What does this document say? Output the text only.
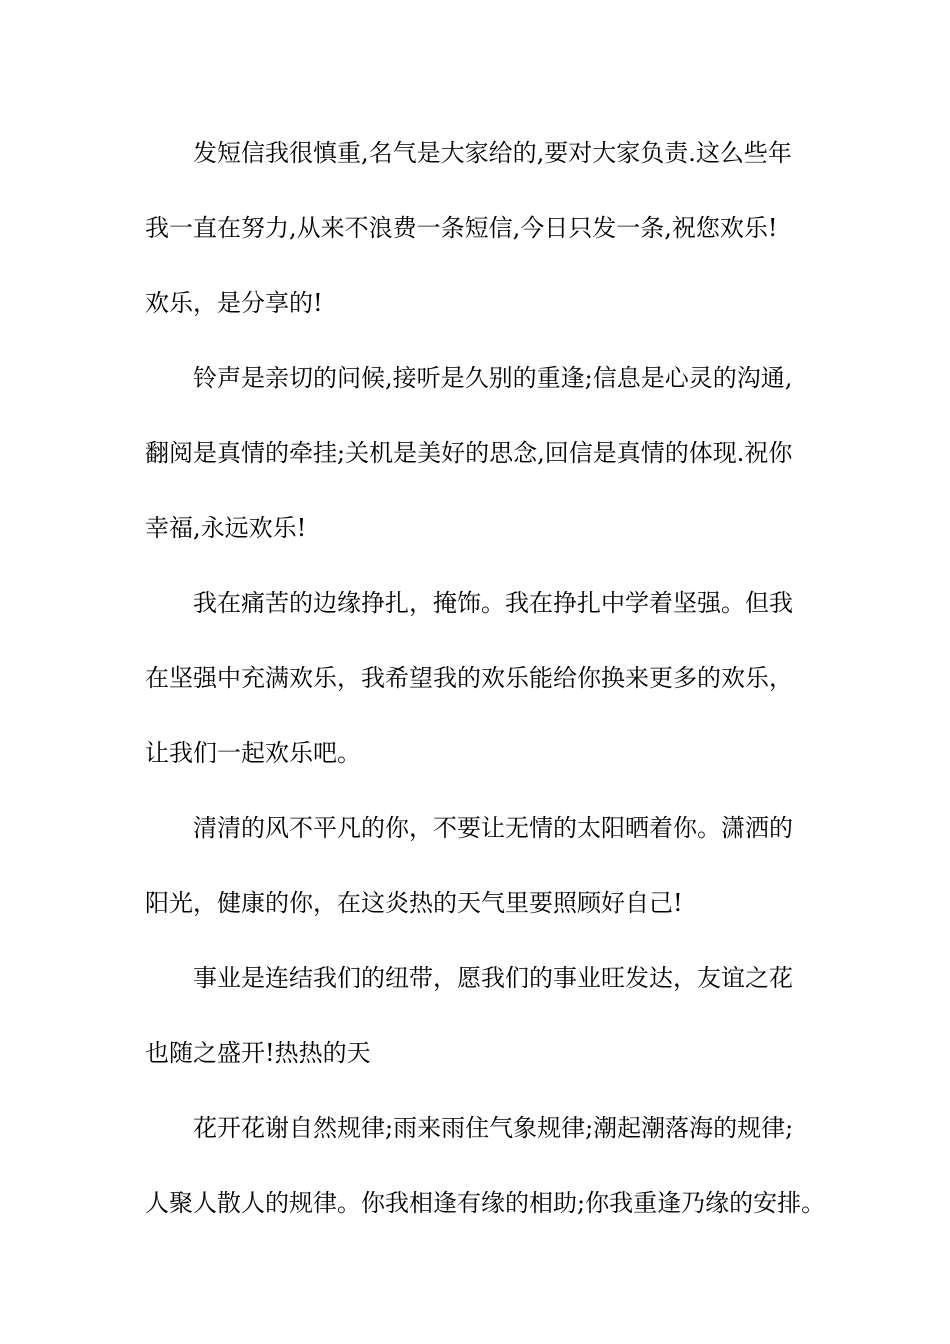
发短信我很慎重,名气是大家给的,要对大家负责.这么些年
我一直在努力,从来不浪费一条短信,今日只发一条,祝您欢乐!
欢乐，是分享的!
铃声是亲切的问候,接听是久别的重逢;信息是心灵的沟通,
翻阅是真情的牵挂;关机是美好的思念,回信是真情的体现.祝你
幸福,永远欢乐!
我在痛苦的边缘挣扎，掩饰。我在挣扎中学着坚强。但我
在坚强中充满欢乐，我希望我的欢乐能给你换来更多的欢乐，
让我们一起欢乐吧。
清清的风不平凡的你，不要让无情的太阳晒着你。潇洒的
阳光，健康的你，在这炎热的天气里要照顾好自己!
事业是连结我们的纽带，愿我们的事业旺发达，友谊之花
也随之盛开!热热的天
花开花谢自然规律;雨来雨住气象规律;潮起潮落海的规律;
人聚人散人的规律。你我相逢有缘的相助;你我重逢乃缘的安排。
